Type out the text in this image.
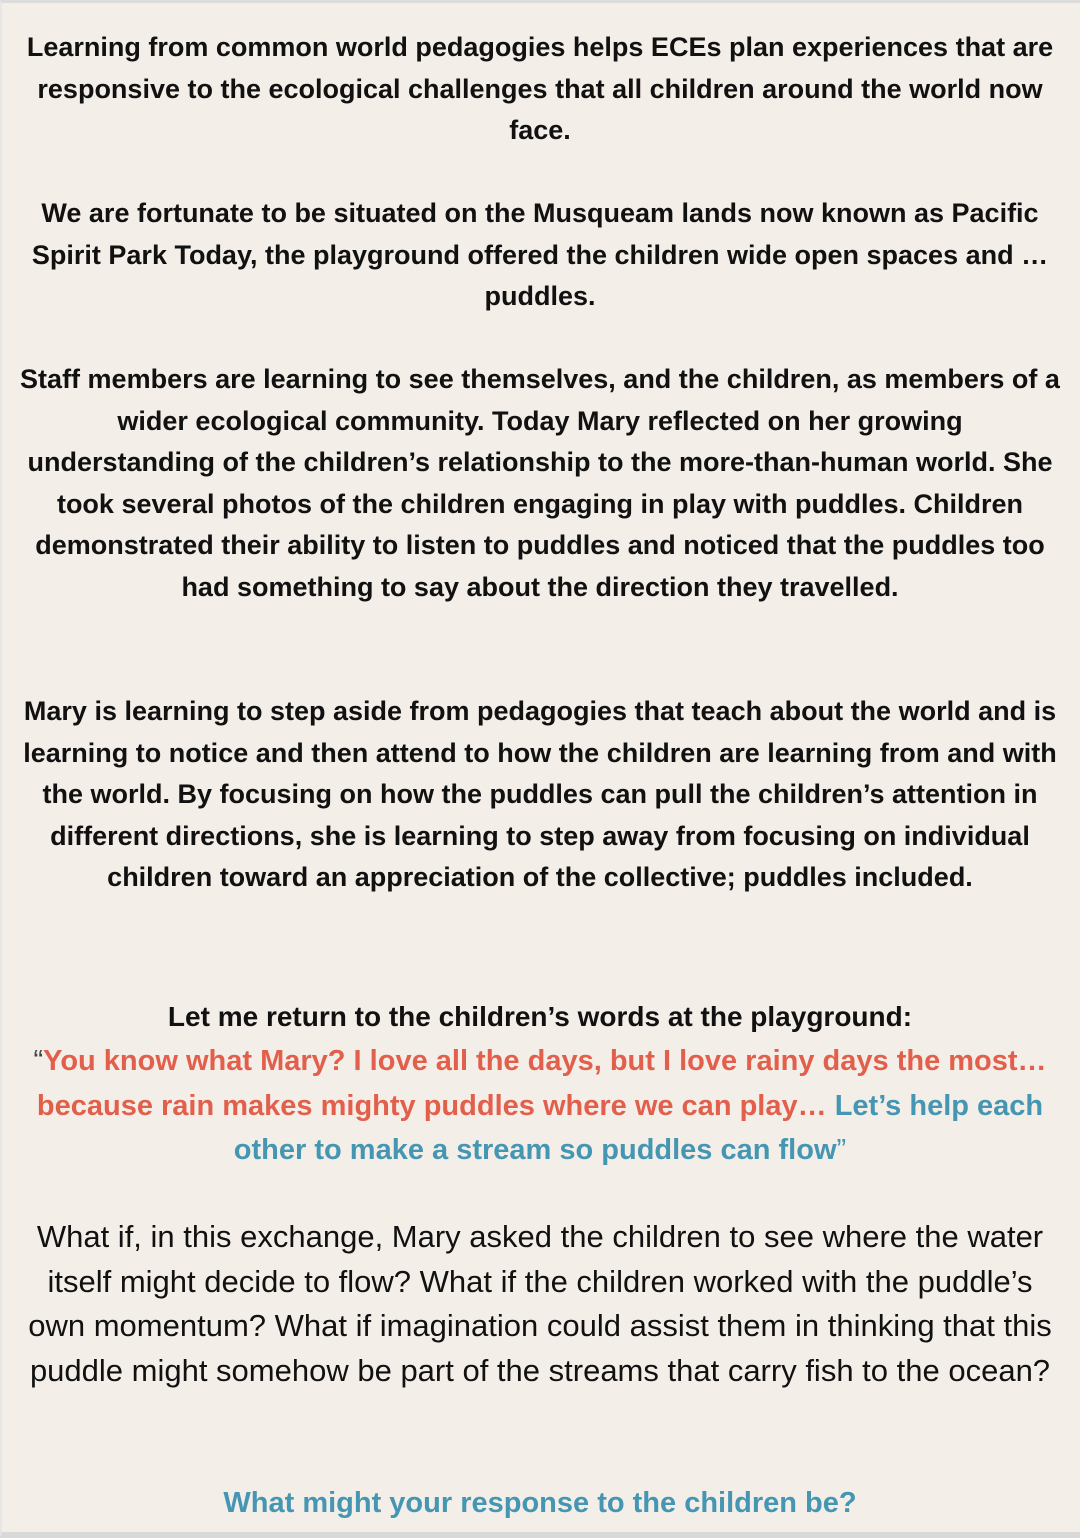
Learning from common world pedagogies helps ECEs plan experiences that are responsive to the ecological challenges that all children around the world now face.

We are fortunate to be situated on the Musqueam lands now known as Pacific Spirit Park Today, the playground offered the children wide open spaces and … puddles.

Staff members are learning to see themselves, and the children, as members of a wider ecological community. Today Mary reflected on her growing understanding of the children’s relationship to the more-than-human world. She took several photos of the children engaging in play with puddles. Children demonstrated their ability to listen to puddles and noticed that the puddles too had something to say about the direction they travelled.

Mary is learning to step aside from pedagogies that teach about the world and is learning to notice and then attend to how the children are learning from and with the world. By focusing on how the puddles can pull the children’s attention in different directions, she is learning to step away from focusing on individual children toward an appreciation of the collective; puddles included.

Let me return to the children’s words at the playground:

“You know what Mary? I love all the days, but I love rainy days the most…because rain makes mighty puddles where we can play… Let’s help each other to make a stream so puddles can flow”

What if, in this exchange, Mary asked the children to see where the water itself might decide to flow? What if the children worked with the puddle’s own momentum? What if imagination could assist them in thinking that this puddle might somehow be part of the streams that carry fish to the ocean?

What might your response to the children be?
